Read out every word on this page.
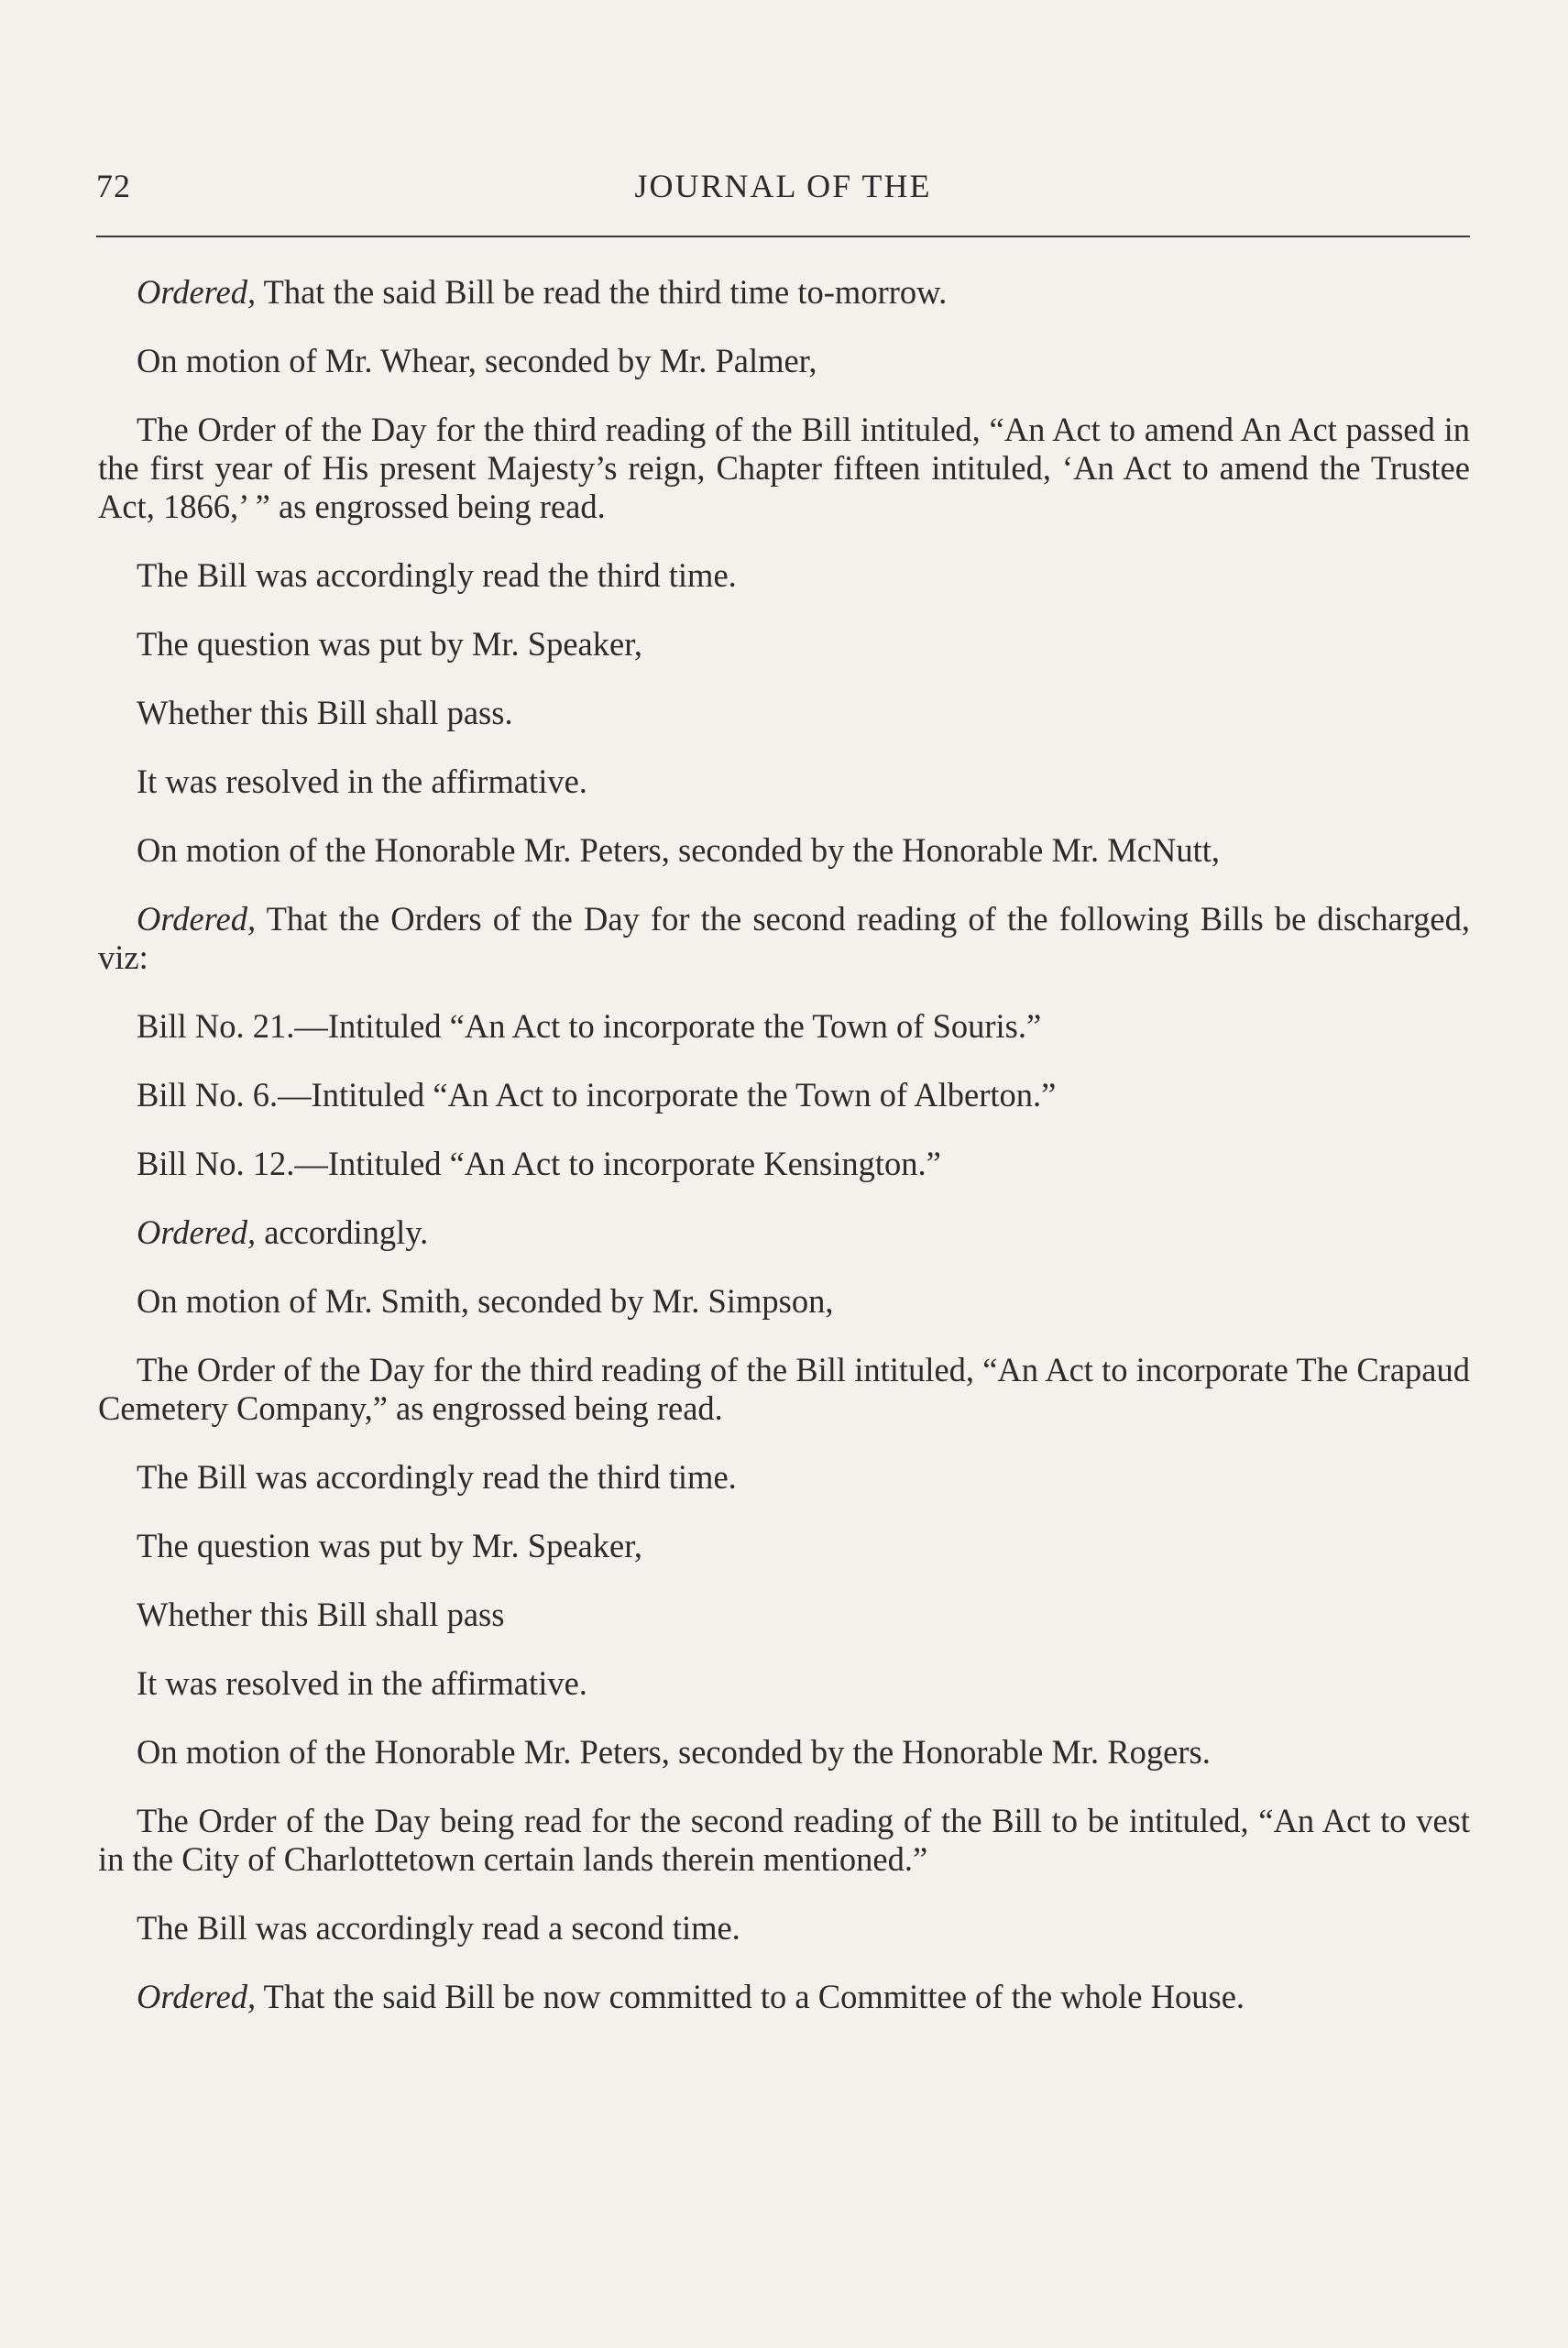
72	JOURNAL OF THE

Ordered, That the said Bill be read the third time to-morrow.

On motion of Mr. Whear, seconded by Mr. Palmer,

The Order of the Day for the third reading of the Bill intituled, “An Act to amend An Act passed in the first year of His present Majesty’s reign, Chapter fifteen intituled, ‘An Act to amend the Trustee Act, 1866,’ ” as engrossed being read.

The Bill was accordingly read the third time.

The question was put by Mr. Speaker,

Whether this Bill shall pass.

It was resolved in the affirmative.

On motion of the Honorable Mr. Peters, seconded by the Honorable Mr. McNutt,

Ordered, That the Orders of the Day for the second reading of the following Bills be discharged, viz:

Bill No. 21.—Intituled “An Act to incorporate the Town of Souris.”

Bill No. 6.—Intituled “An Act to incorporate the Town of Alberton.”

Bill No. 12.—Intituled “An Act to incorporate Kensington.”

Ordered, accordingly.

On motion of Mr. Smith, seconded by Mr. Simpson,

The Order of the Day for the third reading of the Bill intituled, “An Act to incorporate The Crapaud Cemetery Company,” as engrossed being read.

The Bill was accordingly read the third time.

The question was put by Mr. Speaker,

Whether this Bill shall pass

It was resolved in the affirmative.

On motion of the Honorable Mr. Peters, seconded by the Honorable Mr. Rogers.

The Order of the Day being read for the second reading of the Bill to be intituled, “An Act to vest in the City of Charlottetown certain lands therein mentioned.”

The Bill was accordingly read a second time.

Ordered, That the said Bill be now committed to a Committee of the whole House.
